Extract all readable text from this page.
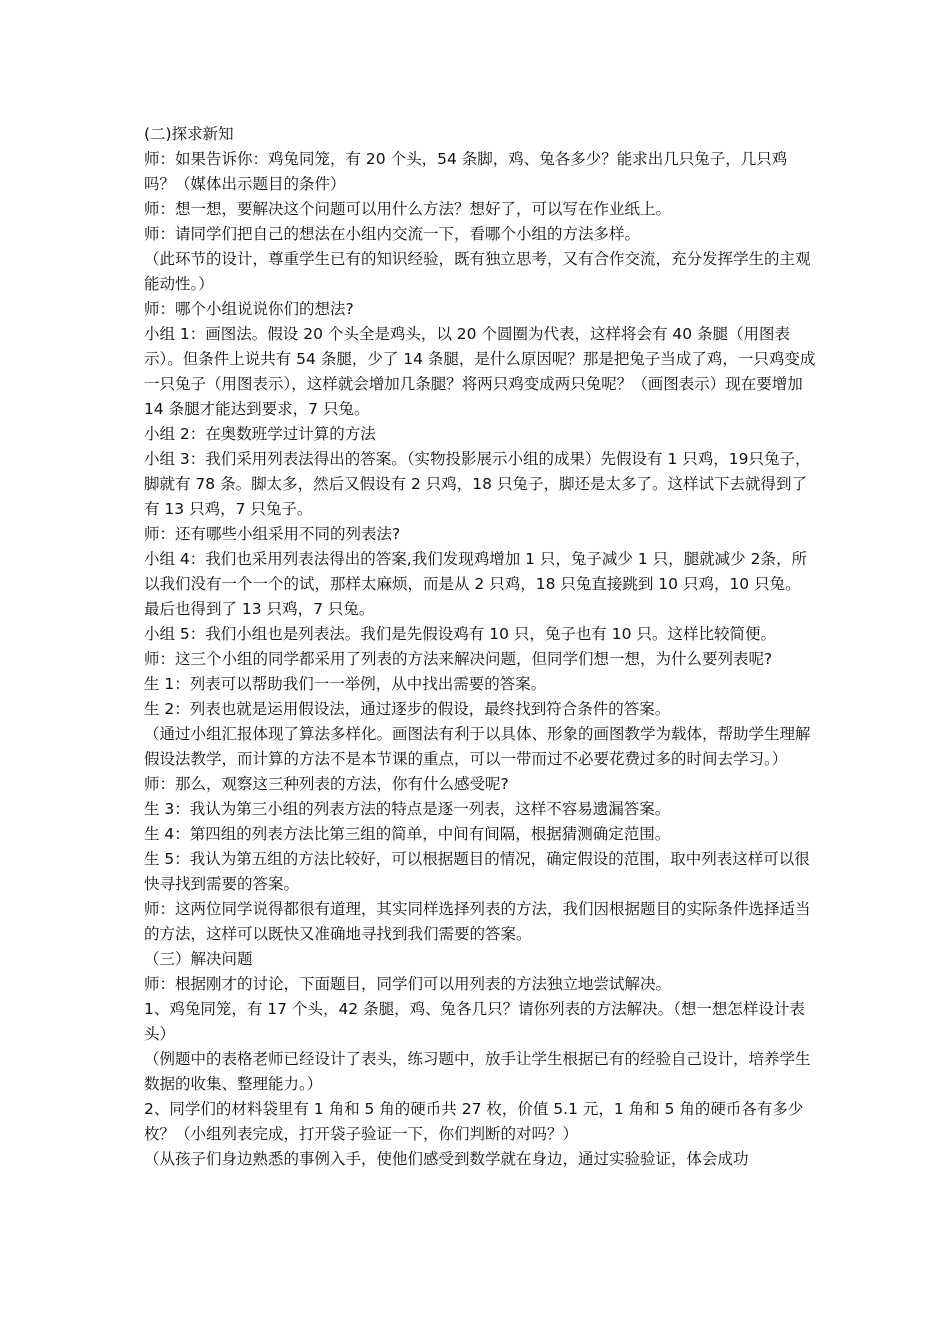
(二)探求新知

师：如果告诉你：鸡兔同笼，有 20 个头，54 条脚，鸡、兔各多少？能求出几只兔子，几只鸡吗？（媒体出示题目的条件）

师：想一想，要解决这个问题可以用什么方法？想好了，可以写在作业纸上。

师：请同学们把自己的想法在小组内交流一下，看哪个小组的方法多样。

（此环节的设计，尊重学生已有的知识经验，既有独立思考，又有合作交流，充分发挥学生的主观能动性。）

师：哪个小组说说你们的想法?

小组 1：画图法。假设 20 个头全是鸡头，以 20 个圆圈为代表，这样将会有 40 条腿（用图表示）。但条件上说共有 54 条腿，少了 14 条腿，是什么原因呢？那是把兔子当成了鸡，一只鸡变成一只兔子（用图表示），这样就会增加几条腿？将两只鸡变成两只兔呢？（画图表示）现在要增加 14 条腿才能达到要求，7 只兔。

小组 2：在奥数班学过计算的方法

小组 3：我们采用列表法得出的答案。（实物投影展示小组的成果）先假设有 1 只鸡，19只兔子，脚就有 78 条。脚太多，然后又假设有 2 只鸡，18 只兔子，脚还是太多了。这样试下去就得到了有 13 只鸡，7 只兔子。

师：还有哪些小组采用不同的列表法?

小组 4：我们也采用列表法得出的答案,我们发现鸡增加 1 只，兔子减少 1 只，腿就减少 2条，所以我们没有一个一个的试，那样太麻烦，而是从 2 只鸡，18 只兔直接跳到 10 只鸡，10 只兔。最后也得到了 13 只鸡，7 只兔。

小组 5：我们小组也是列表法。我们是先假设鸡有 10 只，兔子也有 10 只。这样比较简便。

师：这三个小组的同学都采用了列表的方法来解决问题，但同学们想一想，为什么要列表呢?

生 1：列表可以帮助我们一一举例，从中找出需要的答案。

生 2：列表也就是运用假设法，通过逐步的假设，最终找到符合条件的答案。

（通过小组汇报体现了算法多样化。画图法有利于以具体、形象的画图教学为载体，帮助学生理解假设法教学，而计算的方法不是本节课的重点，可以一带而过不必要花费过多的时间去学习。）

师：那么，观察这三种列表的方法，你有什么感受呢?

生 3：我认为第三小组的列表方法的特点是逐一列表，这样不容易遗漏答案。

生 4：第四组的列表方法比第三组的简单，中间有间隔，根据猜测确定范围。

生 5：我认为第五组的方法比较好，可以根据题目的情况，确定假设的范围，取中列表这样可以很快寻找到需要的答案。

师：这两位同学说得都很有道理，其实同样选择列表的方法，我们因根据题目的实际条件选择适当的方法，这样可以既快又准确地寻找到我们需要的答案。

（三）解决问题

师：根据刚才的讨论，下面题目，同学们可以用列表的方法独立地尝试解决。

1、鸡兔同笼，有 17 个头，42 条腿，鸡、兔各几只？请你列表的方法解决。（想一想怎样设计表头）

（例题中的表格老师已经设计了表头，练习题中，放手让学生根据已有的经验自己设计，培养学生数据的收集、整理能力。）

2、同学们的材料袋里有 1 角和 5 角的硬币共 27 枚，价值 5.1 元，1 角和 5 角的硬币各有多少枚？（小组列表完成，打开袋子验证一下，你们判断的对吗？）

（从孩子们身边熟悉的事例入手，使他们感受到数学就在身边，通过实验验证，体会成功
